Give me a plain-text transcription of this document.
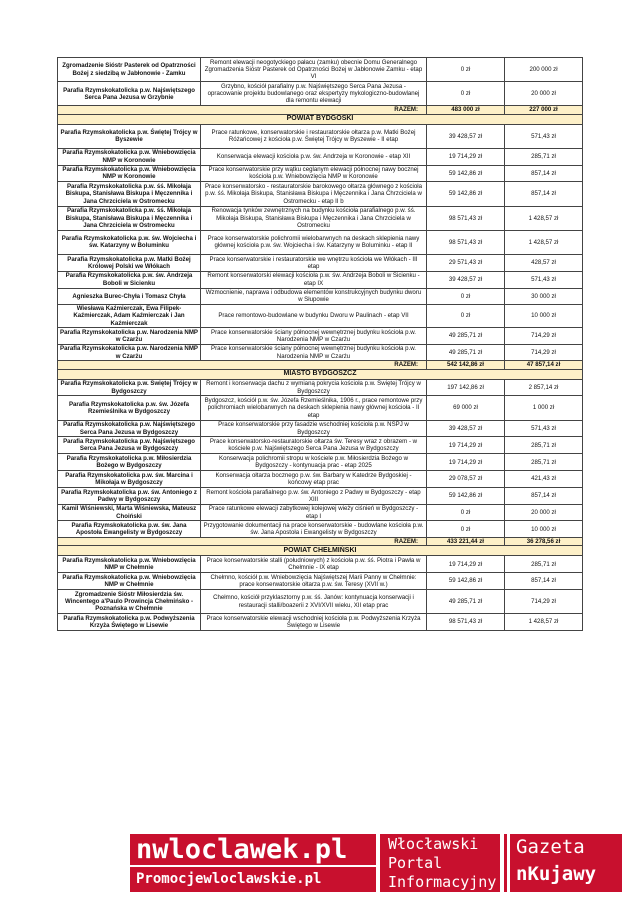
Zgromadzenie Sióstr Pasterek od Opatrzności Bożej z siedzibą w Jabłonowie - Zamku	Remont elewacji neogotyckiego pałacu (zamku) obecnie Domu Generalnego Zgromadzenia Sióstr Pasterek od Opatrzności Bożej w Jabłonowie Zamku - etap VI	0 zł	200 000 zł
Parafia Rzymskokatolicka p.w. Najświętszego Serca Pana Jezusa w Grzybnie	Grzybno, kościół parafialny p.w. Najświętszego Serca Pana Jezusa - opracowanie projektu budowlanego oraz ekspertyzy mykologiczno-budowlanej dla remontu elewacji	0 zł	20 000 zł
RAZEM:		483 000 zł	227 000 zł
POWIAT BYDGOSKI			
Parafia Rzymskokatolicka p.w. Świętej Trójcy w Byszewie	Prace ratunkowe, konserwatorskie i restauratorskie ołtarza p.w. Matki Bożej Różańcowej z kościoła p.w. Świętej Trójcy w Byszewie - II etap	39 428,57 zł	571,43 zł
Parafia Rzymskokatolicka p.w. Wniebowzięcia NMP w Koronowie	Konserwacja elewacji kościoła p.w. św. Andrzeja w Koronowie - etap XII	19 714,29 zł	285,71 zł
Parafia Rzymskokatolicka p.w. Wniebowzięcia NMP w Koronowie	Prace konserwatorskie przy wątku ceglanym elewacji północnej nawy bocznej kościoła p.w. Wniebowzięcia NMP w Koronowie	59 142,86 zł	857,14 zł
Parafia Rzymskokatolicka p.w. śś. Mikołaja Biskupa, Stanisława Biskupa i Męczennika i Jana Chrzciciela w Ostromecku	Prace konserwatorsko - restauratorskie barokowego ołtarza głównego z kościoła p.w. śś. Mikołaja Biskupa, Stanisława Biskupa i Męczennika i Jana Chrzciciela w Ostromecku - etap II b	59 142,86 zł	857,14 zł
Parafia Rzymskokatolicka p.w. śś. Mikołaja Biskupa, Stanisława Biskupa i Męczennika i Jana Chrzciciela w Ostromecku	Renowacja tynków zewnętrznych na budynku kościoła parafialnego p.w. śś. Mikołaja Biskupa, Stanisława Biskupa i Męczennika i Jana Chrzciciela w Ostromecku	98 571,43 zł	1 428,57 zł
Parafia Rzymskokatolicka p.w. św. Wojciecha i św. Katarzyny w Boluminku	Prace konserwatorskie polichromii wielobarwnych na deskach sklepienia nawy głównej kościoła p.w. św. Wojciecha i św. Katarzyny w Boluminku - etap II	98 571,43 zł	1 428,57 zł
Parafia Rzymskokatolicka p.w. Matki Bożej Królowej Polski we Włókach	Prace konserwatorskie i restauratorskie we wnętrzu kościoła we Włókach - III etap	29 571,43 zł	428,57 zł
Parafia Rzymskokatolicka p.w. św. Andrzeja Boboli w Sicienku	Remont konserwatorski elewacji kościoła p.w. św. Andrzeja Boboli w Sicienku - etap IX	39 428,57 zł	571,43 zł
Agnieszka Burec-Chyła i Tomasz Chyła	Wzmocnienie, naprawa i odbudowa elementów konstrukcyjnych budynku dworu w Słupowie	0 zł	30 000 zł
Wiesława Kaźmierczak, Ewa Filipek-Kaźmierczak, Adam Kaźmierczak i Jan Kaźmierczak	Prace remontowo-budowlane w budynku Dworu w Paulinach - etap VII	0 zł	10 000 zł
Parafia Rzymskokatolicka p.w. Narodzenia NMP w Czarżu	Prace konserwatorskie ściany północnej wewnętrznej budynku kościoła p.w. Narodzenia NMP w Czarżu	49 285,71 zł	714,29 zł
Parafia Rzymskokatolicka p.w. Narodzenia NMP w Czarżu	Prace konserwatorskie ściany północnej wewnętrznej budynku kościoła p.w. Narodzenia NMP w Czarżu	49 285,71 zł	714,29 zł
RAZEM:		542 142,86 zł	47 857,14 zł
MIASTO BYDGOSZCZ			
Parafia Rzymskokatolicka p.w. Świętej Trójcy w Bydgoszczy	Remont i konserwacja dachu z wymianą pokrycia kościoła p.w. Świętej Trójcy w Bydgoszczy	197 142,86 zł	2 857,14 zł
Parafia Rzymskokatolicka p.w. św. Józefa Rzemieślnika w Bydgoszczy	Bydgoszcz, kościół p.w. św. Józefa Rzemieślnika, 1906 r., prace remontowe przy polichromiach wielobarwnych na deskach sklepienia nawy głównej kościoła - II etap	69 000 zł	1 000 zł
Parafia Rzymskokatolicka p.w. Najświętszego Serca Pana Jezusa w Bydgoszczy	Prace konserwatorskie przy fasadzie wschodniej kościoła p.w. NSPJ w Bydgoszczy	39 428,57 zł	571,43 zł
Parafia Rzymskokatolicka p.w. Najświętszego Serca Pana Jezusa w Bydgoszczy	Prace konserwatorsko-restauratorskie ołtarza św. Teresy wraz z obrazem - w kościele p.w. Najświętszego Serca Pana Jezusa w Bydgoszczy	19 714,29 zł	285,71 zł
Parafia Rzymskokatolicka p.w. Miłosierdzia Bożego w Bydgoszczy	Konserwacja polichromii stropu w kościele p.w. Miłosierdzia Bożego w Bydgoszczy - kontynuacja prac - etap 2025	19 714,29 zł	285,71 zł
Parafia Rzymskokatolicka p.w. św. Marcina i Mikołaja w Bydgoszczy	Konserwacja ołtarza bocznego p.w. św. Barbary w Katedrze Bydgoskiej - końcowy etap prac	29 078,57 zł	421,43 zł
Parafia Rzymskokatolicka p.w. św. Antoniego z Padwy w Bydgoszczy	Remont kościoła parafialnego p.w. św. Antoniego z Padwy w Bydgoszczy - etap XIII	59 142,86 zł	857,14 zł
Kamil Wiśniewski, Marta Wiśniewska, Mateusz Choiński	Prace ratunkowe elewacji zabytkowej kolejowej wieży ciśnień w Bydgoszczy - etap I	0 zł	20 000 zł
Parafia Rzymskokatolicka p.w. św. Jana Apostoła Ewangelisty w Bydgoszczy	Przygotowanie dokumentacji na prace konserwatorskie - budowlane kościoła p.w. św. Jana Apostoła i Ewangelisty w Bydgoszczy	0 zł	10 000 zł
RAZEM:		433 221,44 zł	36 278,56 zł
POWIAT CHEŁMIŃSKI			
Parafia Rzymskokatolicka p.w. Wniebowzięcia NMP w Chełmnie	Prace konserwatorskie stalli (południowych) z kościoła p.w. śś. Piotra i Pawła w Chełmnie - IX etap	19 714,29 zł	285,71 zł
Parafia Rzymskokatolicka p.w. Wniebowzięcia NMP w Chełmnie	Chełmno, kościół p.w. Wniebowzięcia Najświętszej Marii Panny w Chełmnie: prace konserwatorskie ołtarza p.w. św. Teresy (XVII w.)	59 142,86 zł	857,14 zł
Zgromadzenie Sióstr Miłosierdzia św. Wincentego a'Paulo Prowincja Chełmińsko - Poznańska w Chełmnie	Chełmno, kościół przyklasztorny p.w. śś. Janów: kontynuacja konserwacji i restauracji stalli/boazerii z XVI/XVII wieku, XII etap prac	49 285,71 zł	714,29 zł
Parafia Rzymskokatolicka p.w. Podwyższenia Krzyża Świętego w Lisewie	Prace konserwatorskie elewacji wschodniej kościoła p.w. Podwyższenia Krzyża Świętego w Lisewie	98 571,43 zł	1 428,57 zł
nwloclawek.pl
Promocjewloclawskie.pl
Włocławski
Portal
Informacyjny
Gazeta
nKujawy
